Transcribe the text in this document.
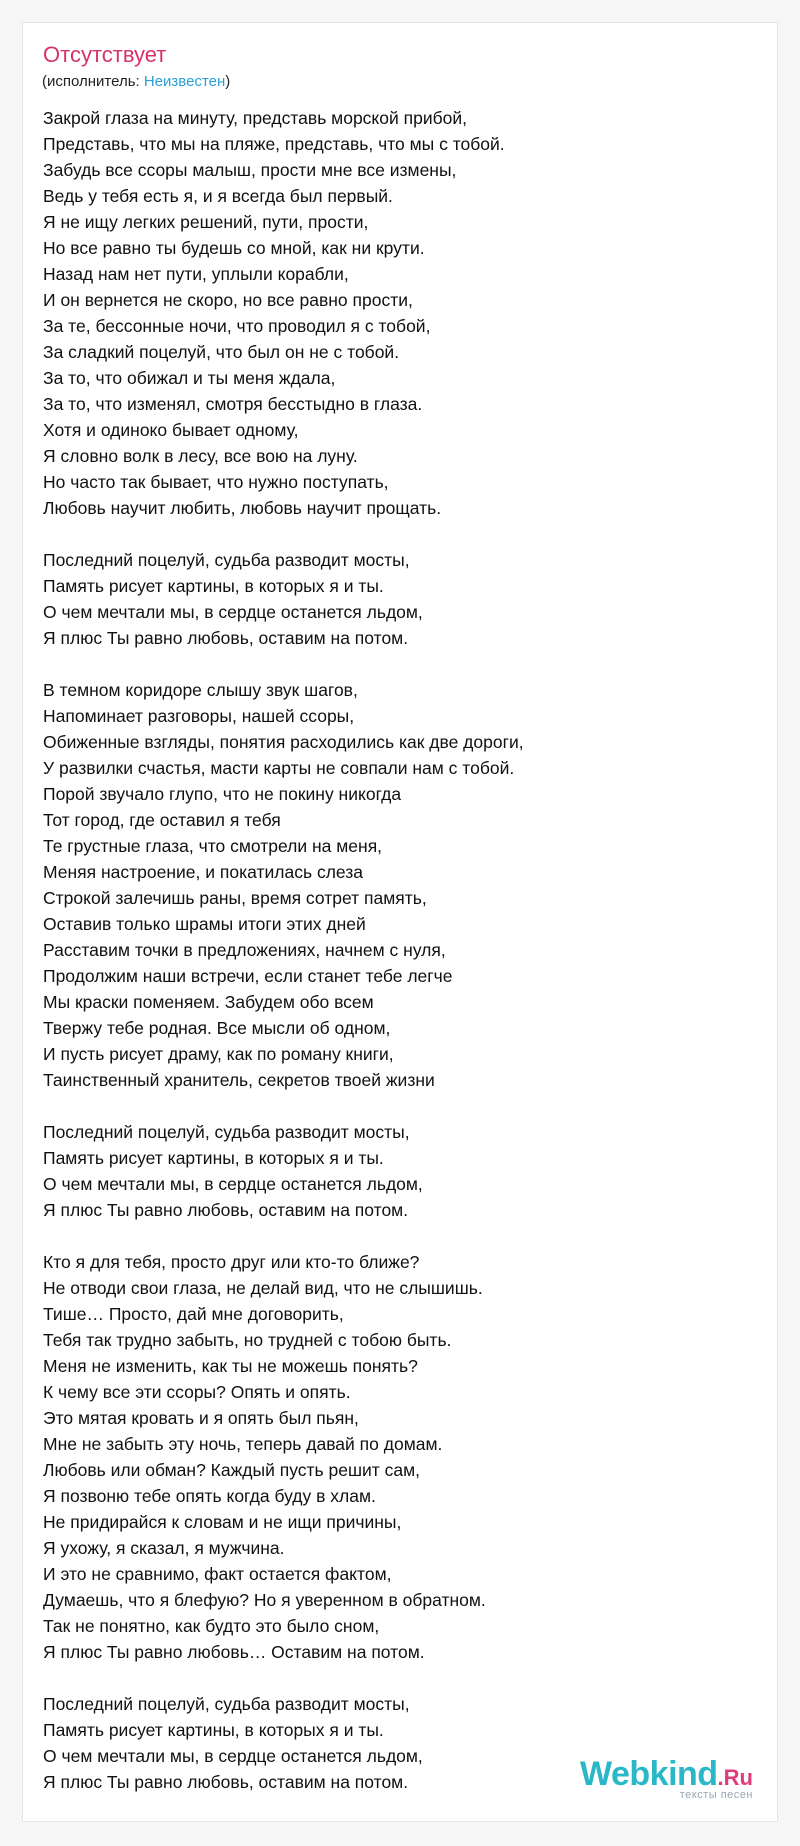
Отсутствует
(исполнитель: Неизвестен)
Закрой глаза на минуту, представь морской прибой,
Представь, что мы на пляже, представь, что мы с тобой.
Забудь все ссоры малыш, прости мне все измены,
Ведь у тебя есть я, и я всегда был первый.
Я не ищу легких решений, пути, прости,
Но все равно ты будешь со мной, как ни крути.
Назад нам нет пути, уплыли корабли,
И он вернется не скоро, но все равно прости,
За те, бессонные ночи, что проводил я с тобой,
За сладкий поцелуй, что был он не с тобой.
За то, что обижал и ты меня ждала,
За то, что изменял, смотря бесстыдно в глаза.
Хотя и одиноко бывает одному,
Я словно волк в лесу, все вою на луну.
Но часто так бывает, что нужно поступать,
Любовь научит любить, любовь научит прощать.
Последний поцелуй, судьба разводит мосты,
Память рисует картины, в которых я и ты.
О чем мечтали мы, в сердце останется льдом,
Я плюс Ты равно любовь, оставим на потом.
В темном коридоре слышу звук шагов,
Напоминает разговоры, нашей ссоры,
Обиженные взгляды, понятия расходились как две дороги,
У развилки счастья, масти карты не совпали нам с тобой.
Порой звучало глупо, что не покину никогда
Тот город, где оставил я тебя
Те грустные глаза, что смотрели на меня,
Меняя настроение, и покатилась слеза
Строкой залечишь раны, время сотрет память,
Оставив только шрамы итоги этих дней
Расставим точки в предложениях, начнем с нуля,
Продолжим наши встречи, если станет тебе легче
Мы краски поменяем. Забудем обо всем
Твержу тебе родная. Все мысли об одном,
И пусть рисует драму, как по роману книги,
Таинственный хранитель, секретов твоей жизни
Последний поцелуй, судьба разводит мосты,
Память рисует картины, в которых я и ты.
О чем мечтали мы, в сердце останется льдом,
Я плюс Ты равно любовь, оставим на потом.
Кто я для тебя, просто друг или кто-то ближе?
Не отводи свои глаза, не делай вид, что не слышишь.
Тише… Просто, дай мне договорить,
Тебя так трудно забыть, но трудней с тобою быть.
Меня не изменить, как ты не можешь понять?
К чему все эти ссоры? Опять и опять.
Это мятая кровать и я опять был пьян,
Мне не забыть эту ночь, теперь давай по домам.
Любовь или обман? Каждый пусть решит сам,
Я позвоню тебе опять когда буду в хлам.
Не придирайся к словам и не ищи причины,
Я ухожу, я сказал, я мужчина.
И это не сравнимо, факт остается фактом,
Думаешь, что я блефую? Но я уверенном в обратном.
Так не понятно, как будто это было сном,
Я плюс Ты равно любовь… Оставим на потом.
Последний поцелуй, судьба разводит мосты,
Память рисует картины, в которых я и ты.
О чем мечтали мы, в сердце останется льдом,
Я плюс Ты равно любовь, оставим на потом.	Webkind.Ru
тексты песен
